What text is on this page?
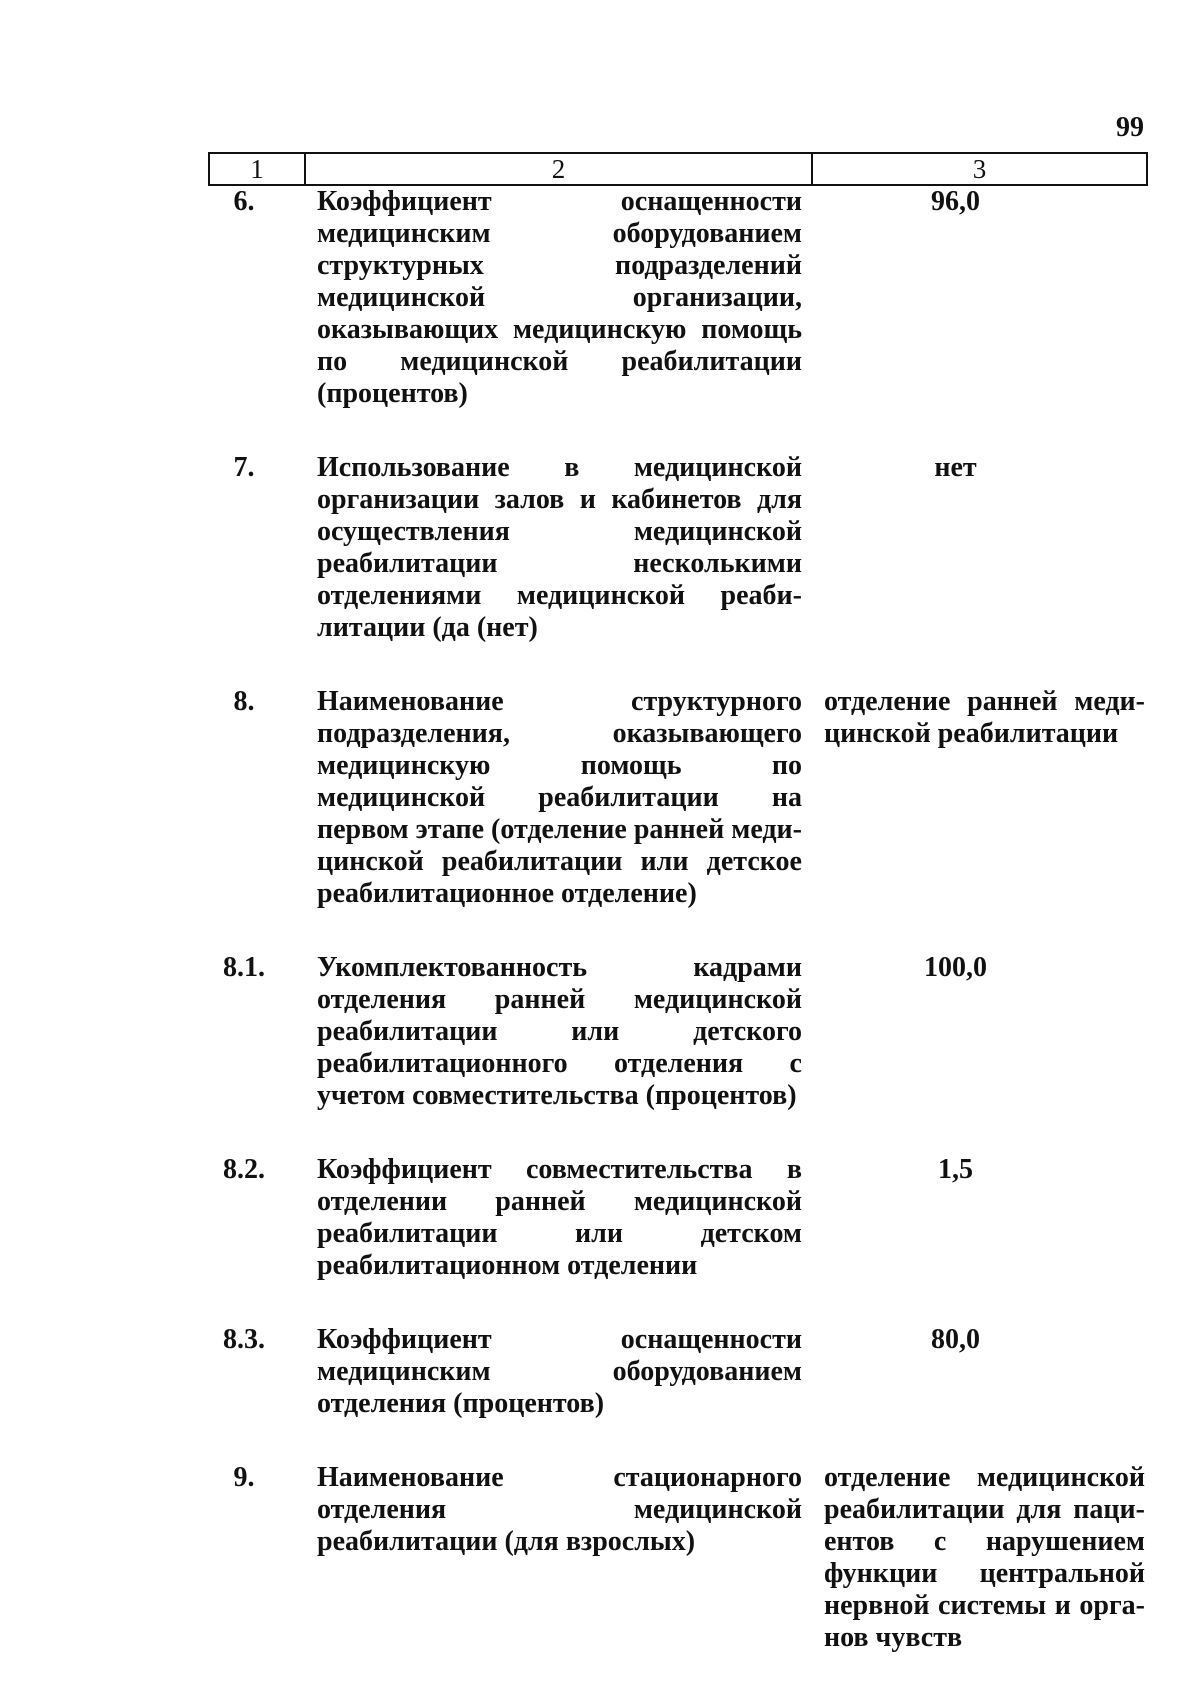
99
1	2	3
6.	Коэффициент оснащенности медицинским оборудованием структурных подразделений медицинской организации, оказывающих медицинскую помощь по медицинской реабилитации (процентов)	96,0
7.	Использование в медицинской организации залов и кабинетов для осуществления медицинской реабилитации несколькими отделениями медицинской реабилитации (да (нет)	нет
8.	Наименование структурного подразделения, оказывающего медицинскую помощь по медицинской реабилитации на первом этапе (отделение ранней медицинской реабилитации или детское реабилитационное отделение)	отделение ранней медицинской реабилитации
8.1.	Укомплектованность кадрами отделения ранней медицинской реабилитации или детского реабилитационного отделения с учетом совместительства (процентов)	100,0
8.2.	Коэффициент совместительства в отделении ранней медицинской реабилитации или детском реабилитационном отделении	1,5
8.3.	Коэффициент оснащенности медицинским оборудованием отделения (процентов)	80,0
9.	Наименование стационарного отделения медицинской реабилитации (для взрослых)	отделение медицинской реабилитации для пациентов с нарушением функции центральной нервной системы и органов чувств
